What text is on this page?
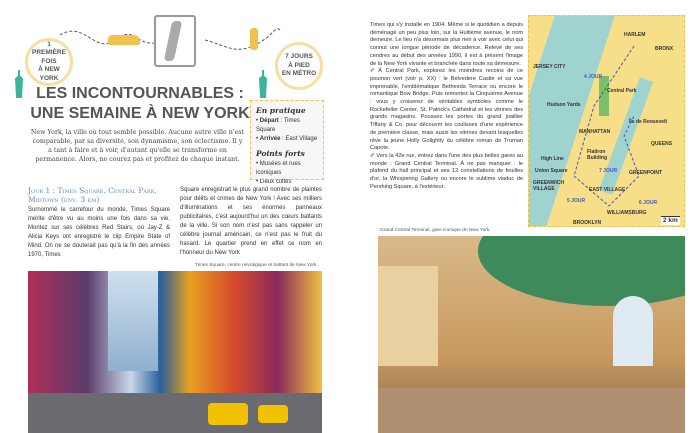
1
PREMIÈRE FOIS
À NEW YORK
7 JOURS
À PIED
EN MÉTRO
LES INCONTOURNABLES :
UNE SEMAINE À NEW YORK
New York, la ville où tout semble possible. Aucune autre ville n'est comparable, par sa diversité, son dynamisme, son éclectisme. Il y a tant à faire et à voir, d'autant qu'elle se transforme en permanence. Alors, ne courez pas et profitez de chaque instant.
En pratique
• Départ : Times Square
• Arrivée : East Village
Points forts
• Musées et rues iconiques
• Lieux cultes
Jour 1 : Times Square, Central Park, Midtown (env. 3 km)
Surnommé le carrefour du monde, Times Square mérite d'être vu au moins une fois dans sa vie. Montez sur ses célèbres Red Stairs, où Jay-Z & Alicia Keys ont enregistré le clip Empire State of Mind. On ne se douterait pas qu'à la fin des années 1970, Times
Square enregistrait le plus grand nombre de plaintes pour délits et crimes de New York ! Avec ses milliers d'illuminations et ses énormes panneaux publicitaires, c'est aujourd'hui un des cœurs battants de la ville. Si son nom n'est pas sans rappeler un célèbre journal américain, ce n'est pas le fruit du hasard. Le quartier prend en effet ce nom en l'honneur du New York
Times Square, centre névralgique et battant de New York.
Times qui s'y installe en 1904. Même si le quotidien a depuis déménagé un peu plus loin, sur la Huitième avenue, le nom demeure. Le lieu n'a désormais plus rien à voir avec celui qui connut une longue période de décadence. Relevé de ses cendres au début des années 1990, il est à présent l'image de la New York vivante et branchée dans toute sa démesure.
✐ À Central Park, explorez les moindres recoins de ce poumon vert (voir p. XX) : le Belvedere Castle et sa vue imprenable, l'emblématique Bethesda Terrace ou encore le romantique Bow Bridge. Puis remontez la Cinquième Avenue : vous y croiserez de véritables symboles comme le Rockefeller Center, St. Patrick's Cathedral et les vitrines des grands magasins. Poussez les portes du grand joaillier Tiffany & Co. pour découvrir les coulisses d'une expérience de première classe, mais aussi les vitrines devant lesquelles rêve la jeune Holly Golightly du célèbre roman de Truman Capote.
✐ Vers la 42e rue, entrez dans l'une des plus belles gares au monde : Grand Central Terminal. À ne pas manquer : le plafond du hall principal et ses 12 constellations de feuilles d'or, la Whispering Gallery ou encore le sublime viaduc de Pershing Square, à l'extérieur.
Grand Central Terminal, gare iconique de New York.
HARLEM
BRONX
JERSEY CITY
4 JOUR
Central Park
Hudson Yards
Île de Roosevelt
MANHATTAN
QUEENS
Flatiron Building
High Line
Union Square	7 JOUR GREENPOINT
GREENWICH VILLAGE	EAST VILLAGE
5 JOUR	6 JOUR
WILLIAMSBURG
BROOKLYN	2 km
